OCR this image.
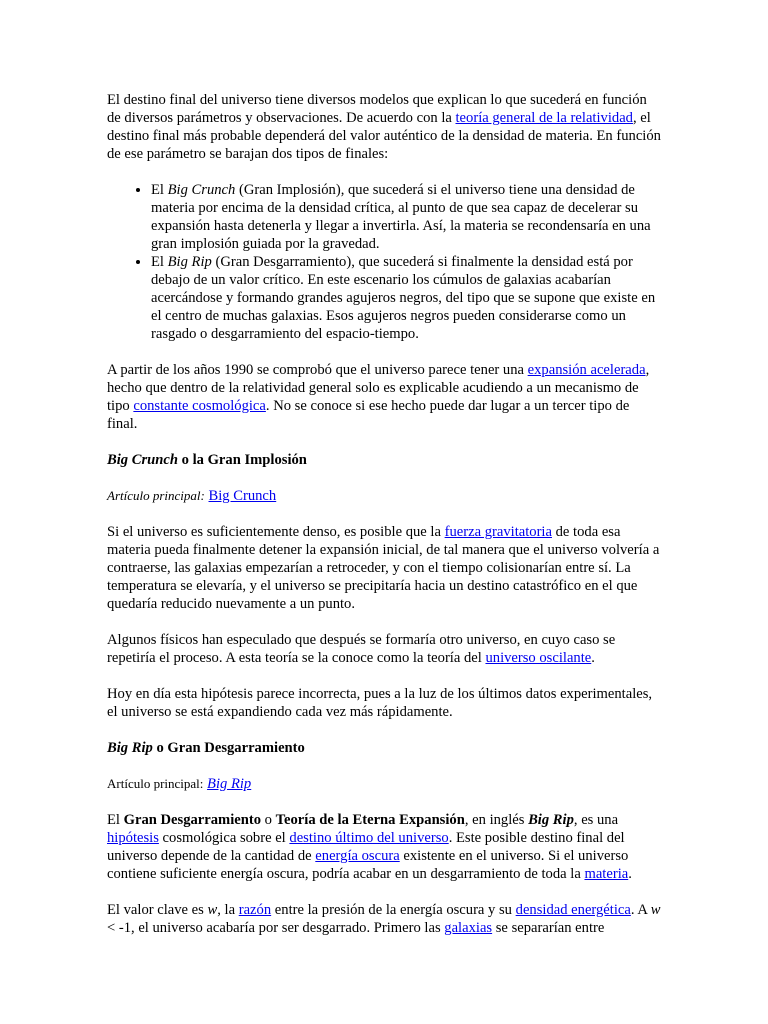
El destino final del universo tiene diversos modelos que explican lo que sucederá en función de diversos parámetros y observaciones. De acuerdo con la teoría general de la relatividad, el destino final más probable dependerá del valor auténtico de la densidad de materia. En función de ese parámetro se barajan dos tipos de finales:

• El Big Crunch (Gran Implosión), que sucederá si el universo tiene una densidad de materia por encima de la densidad crítica, al punto de que sea capaz de decelerar su expansión hasta detenerla y llegar a invertirla. Así, la materia se recondensaría en una gran implosión guiada por la gravedad.
• El Big Rip (Gran Desgarramiento), que sucederá si finalmente la densidad está por debajo de un valor crítico. En este escenario los cúmulos de galaxias acabarían acercándose y formando grandes agujeros negros, del tipo que se supone que existe en el centro de muchas galaxias. Esos agujeros negros pueden considerarse como un rasgado o desgarramiento del espacio-tiempo.

A partir de los años 1990 se comprobó que el universo parece tener una expansión acelerada, hecho que dentro de la relatividad general solo es explicable acudiendo a un mecanismo de tipo constante cosmológica. No se conoce si ese hecho puede dar lugar a un tercer tipo de final.

Big Crunch o la Gran Implosión
Artículo principal: Big Crunch

Si el universo es suficientemente denso, es posible que la fuerza gravitatoria de toda esa materia pueda finalmente detener la expansión inicial, de tal manera que el universo volvería a contraerse, las galaxias empezarían a retroceder, y con el tiempo colisionarían entre sí. La temperatura se elevaría, y el universo se precipitaría hacia un destino catastrófico en el que quedaría reducido nuevamente a un punto.

Algunos físicos han especulado que después se formaría otro universo, en cuyo caso se repetiría el proceso. A esta teoría se la conoce como la teoría del universo oscilante.

Hoy en día esta hipótesis parece incorrecta, pues a la luz de los últimos datos experimentales, el universo se está expandiendo cada vez más rápidamente.

Big Rip o Gran Desgarramiento
Artículo principal: Big Rip

El Gran Desgarramiento o Teoría de la Eterna Expansión, en inglés Big Rip, es una hipótesis cosmológica sobre el destino último del universo. Este posible destino final del universo depende de la cantidad de energía oscura existente en el universo. Si el universo contiene suficiente energía oscura, podría acabar en un desgarramiento de toda la materia.

El valor clave es w, la razón entre la presión de la energía oscura y su densidad energética. A w < -1, el universo acabaría por ser desgarrado. Primero las galaxias se separarían entre
